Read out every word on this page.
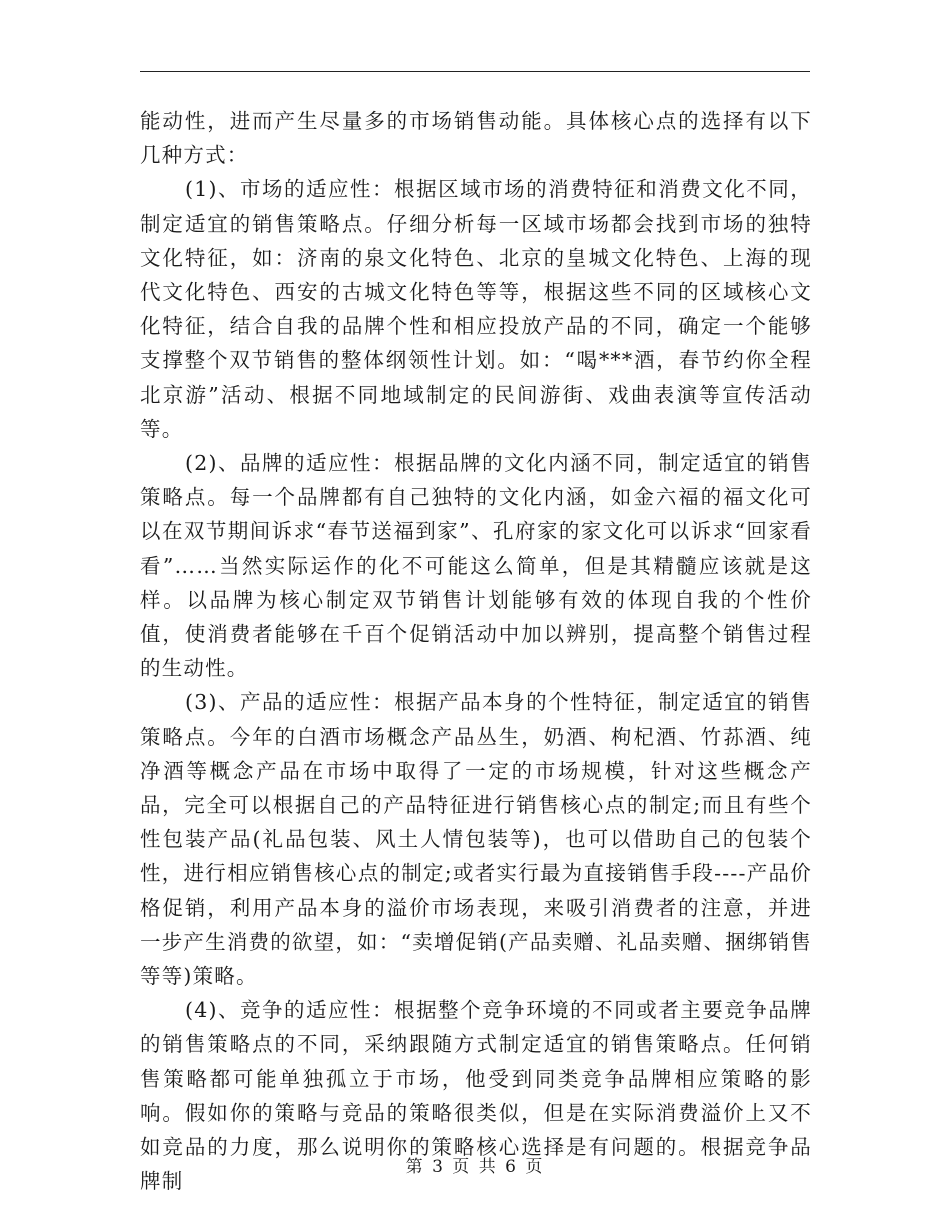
能动性，进而产生尽量多的市场销售动能。具体核心点的选择有以下几种方式：

(1)、市场的适应性：根据区域市场的消费特征和消费文化不同，制定适宜的销售策略点。仔细分析每一区域市场都会找到市场的独特文化特征，如：济南的泉文化特色、北京的皇城文化特色、上海的现代文化特色、西安的古城文化特色等等，根据这些不同的区域核心文化特征，结合自我的品牌个性和相应投放产品的不同，确定一个能够支撑整个双节销售的整体纲领性计划。如：“喝***酒，春节约你全程北京游”活动、根据不同地域制定的民间游街、戏曲表演等宣传活动等。

(2)、品牌的适应性：根据品牌的文化内涵不同，制定适宜的销售策略点。每一个品牌都有自己独特的文化内涵，如金六福的福文化可以在双节期间诉求“春节送福到家”、孔府家的家文化可以诉求“回家看看”……当然实际运作的化不可能这么简单，但是其精髓应该就是这样。以品牌为核心制定双节销售计划能够有效的体现自我的个性价值，使消费者能够在千百个促销活动中加以辨别，提高整个销售过程的生动性。

(3)、产品的适应性：根据产品本身的个性特征，制定适宜的销售策略点。今年的白酒市场概念产品丛生，奶酒、枸杞酒、竹荪酒、纯净酒等概念产品在市场中取得了一定的市场规模，针对这些概念产品，完全可以根据自己的产品特征进行销售核心点的制定;而且有些个性包装产品(礼品包装、风土人情包装等)，也可以借助自己的包装个性，进行相应销售核心点的制定;或者实行最为直接销售手段----产品价格促销，利用产品本身的溢价市场表现，来吸引消费者的注意，并进一步产生消费的欲望，如：“卖增促销(产品卖赠、礼品卖赠、捆绑销售等等)策略。

(4)、竞争的适应性：根据整个竞争环境的不同或者主要竞争品牌的销售策略点的不同，采纳跟随方式制定适宜的销售策略点。任何销售策略都可能单独孤立于市场，他受到同类竞争品牌相应策略的影响。假如你的策略与竞品的策略很类似，但是在实际消费溢价上又不如竞品的力度，那么说明你的策略核心选择是有问题的。根据竞争品牌制

第 3 页 共 6 页
